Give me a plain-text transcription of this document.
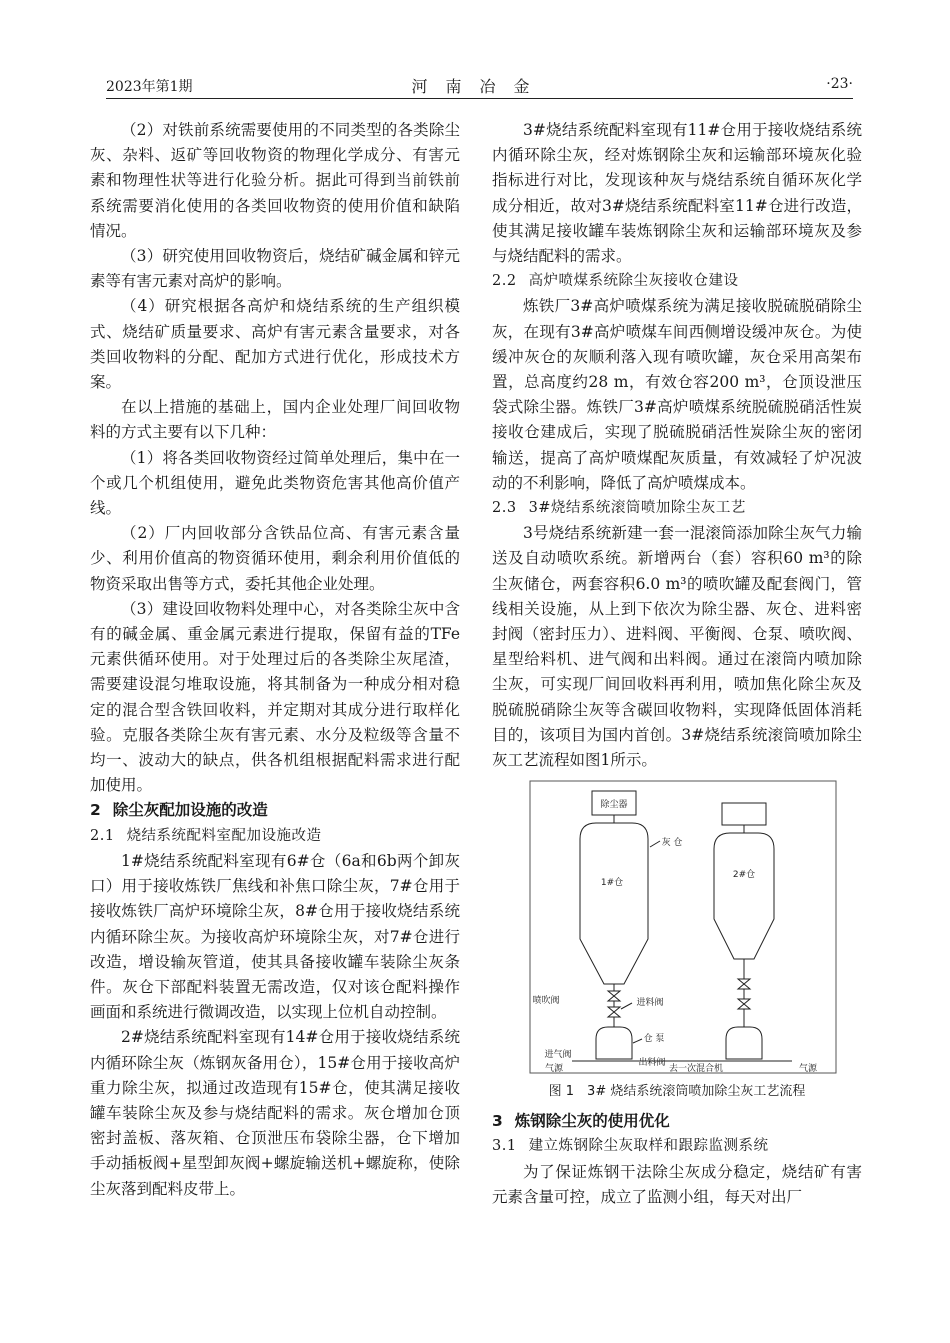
2023年第1期	河南冶金	·23·

（2）对铁前系统需要使用的不同类型的各类除尘灰、杂料、返矿等回收物资的物理化学成分、有害元素和物理性状等进行化验分析。据此可得到当前铁前系统需要消化使用的各类回收物资的使用价值和缺陷情况。

（3）研究使用回收物资后，烧结矿碱金属和锌元素等有害元素对高炉的影响。

（4）研究根据各高炉和烧结系统的生产组织模式、烧结矿质量要求、高炉有害元素含量要求，对各类回收物料的分配、配加方式进行优化，形成技术方案。

在以上措施的基础上，国内企业处理厂间回收物料的方式主要有以下几种：

（1）将各类回收物资经过简单处理后，集中在一个或几个机组使用，避免此类物资危害其他高价值产线。

（2）厂内回收部分含铁品位高、有害元素含量少、利用价值高的物资循环使用，剩余利用价值低的物资采取出售等方式，委托其他企业处理。

（3）建设回收物料处理中心，对各类除尘灰中含有的碱金属、重金属元素进行提取，保留有益的TFe元素供循环使用。对于处理过后的各类除尘灰尾渣，需要建设混匀堆取设施，将其制备为一种成分相对稳定的混合型含铁回收料，并定期对其成分进行取样化验。克服各类除尘灰有害元素、水分及粒级等含量不均一、波动大的缺点，供各机组根据配料需求进行配加使用。

2 除尘灰配加设施的改造

2.1 烧结系统配料室配加设施改造

1#烧结系统配料室现有6#仓（6a和6b两个卸灰口）用于接收炼铁厂焦线和补焦口除尘灰，7#仓用于接收炼铁厂高炉环境除尘灰，8#仓用于接收烧结系统内循环除尘灰。为接收高炉环境除尘灰，对7#仓进行改造，增设输灰管道，使其具备接收罐车装除尘灰条件。灰仓下部配料装置无需改造，仅对该仓配料操作画面和系统进行微调改造，以实现上位机自动控制。

2#烧结系统配料室现有14#仓用于接收烧结系统内循环除尘灰（炼钢灰备用仓），15#仓用于接收高炉重力除尘灰，拟通过改造现有15#仓，使其满足接收罐车装除尘灰及参与烧结配料的需求。灰仓增加仓顶密封盖板、落灰箱、仓顶泄压布袋除尘器，仓下增加手动插板阀+星型卸灰阀+螺旋输送机+螺旋称，使除尘灰落到配料皮带上。

3#烧结系统配料室现有11#仓用于接收烧结系统内循环除尘灰，经对炼钢除尘灰和运输部环境灰化验指标进行对比，发现该种灰与烧结系统自循环灰化学成分相近，故对3#烧结系统配料室11#仓进行改造，使其满足接收罐车装炼钢除尘灰和运输部环境灰及参与烧结配料的需求。

2.2 高炉喷煤系统除尘灰接收仓建设

炼铁厂3#高炉喷煤系统为满足接收脱硫脱硝除尘灰，在现有3#高炉喷煤车间西侧增设缓冲灰仓。为使缓冲灰仓的灰顺利落入现有喷吹罐，灰仓采用高架布置，总高度约28 m，有效仓容200 m³，仓顶设泄压袋式除尘器。炼铁厂3#高炉喷煤系统脱硫脱硝活性炭接收仓建成后，实现了脱硫脱硝活性炭除尘灰的密闭输送，提高了高炉喷煤配灰质量，有效减轻了炉况波动的不利影响，降低了高炉喷煤成本。

2.3 3#烧结系统滚筒喷加除尘灰工艺

3号烧结系统新建一套一混滚筒添加除尘灰气力输送及自动喷吹系统。新增两台（套）容积60 m³的除尘灰储仓，两套容积6.0 m³的喷吹罐及配套阀门，管线相关设施，从上到下依次为除尘器、灰仓、进料密封阀（密封压力）、进料阀、平衡阀、仓泵、喷吹阀、星型给料机、进气阀和出料阀。通过在滚筒内喷加除尘灰，可实现厂间回收料再利用，喷加焦化除尘灰及脱硫脱硝除尘灰等含碳回收物料，实现降低固体消耗目的，该项目为国内首创。3#烧结系统滚筒喷加除尘灰工艺流程如图1所示。

除尘器
1#仓
灰 仓
2#仓
进料阀
喷吹阀
仓 泵
进气阀
出料阀
气源	去一次混合机	气源

图 1　3# 烧结系统滚筒喷加除尘灰工艺流程

3 炼钢除尘灰的使用优化

3.1 建立炼钢除尘灰取样和跟踪监测系统

为了保证炼钢干法除尘灰成分稳定，烧结矿有害元素含量可控，成立了监测小组，每天对出厂
